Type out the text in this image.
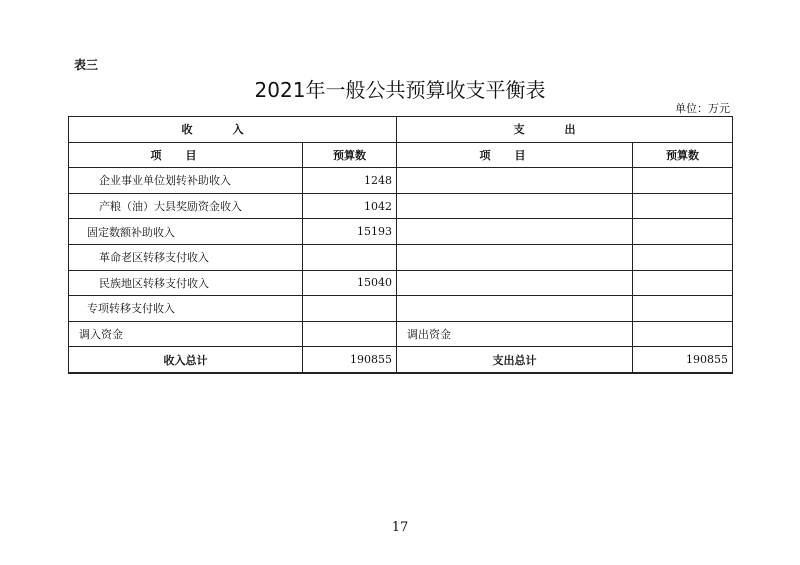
表三
2021年一般公共预算收支平衡表
单位：万元
收入		支出	
项目	预算数	项目	预算数
企业事业单位划转补助收入	1248		
产粮（油）大县奖励资金收入	1042		
固定数额补助收入	15193		
革命老区转移支付收入			
民族地区转移支付收入	15040		
专项转移支付收入			
调入资金		调出资金	
收入总计	190855	支出总计	190855
17
